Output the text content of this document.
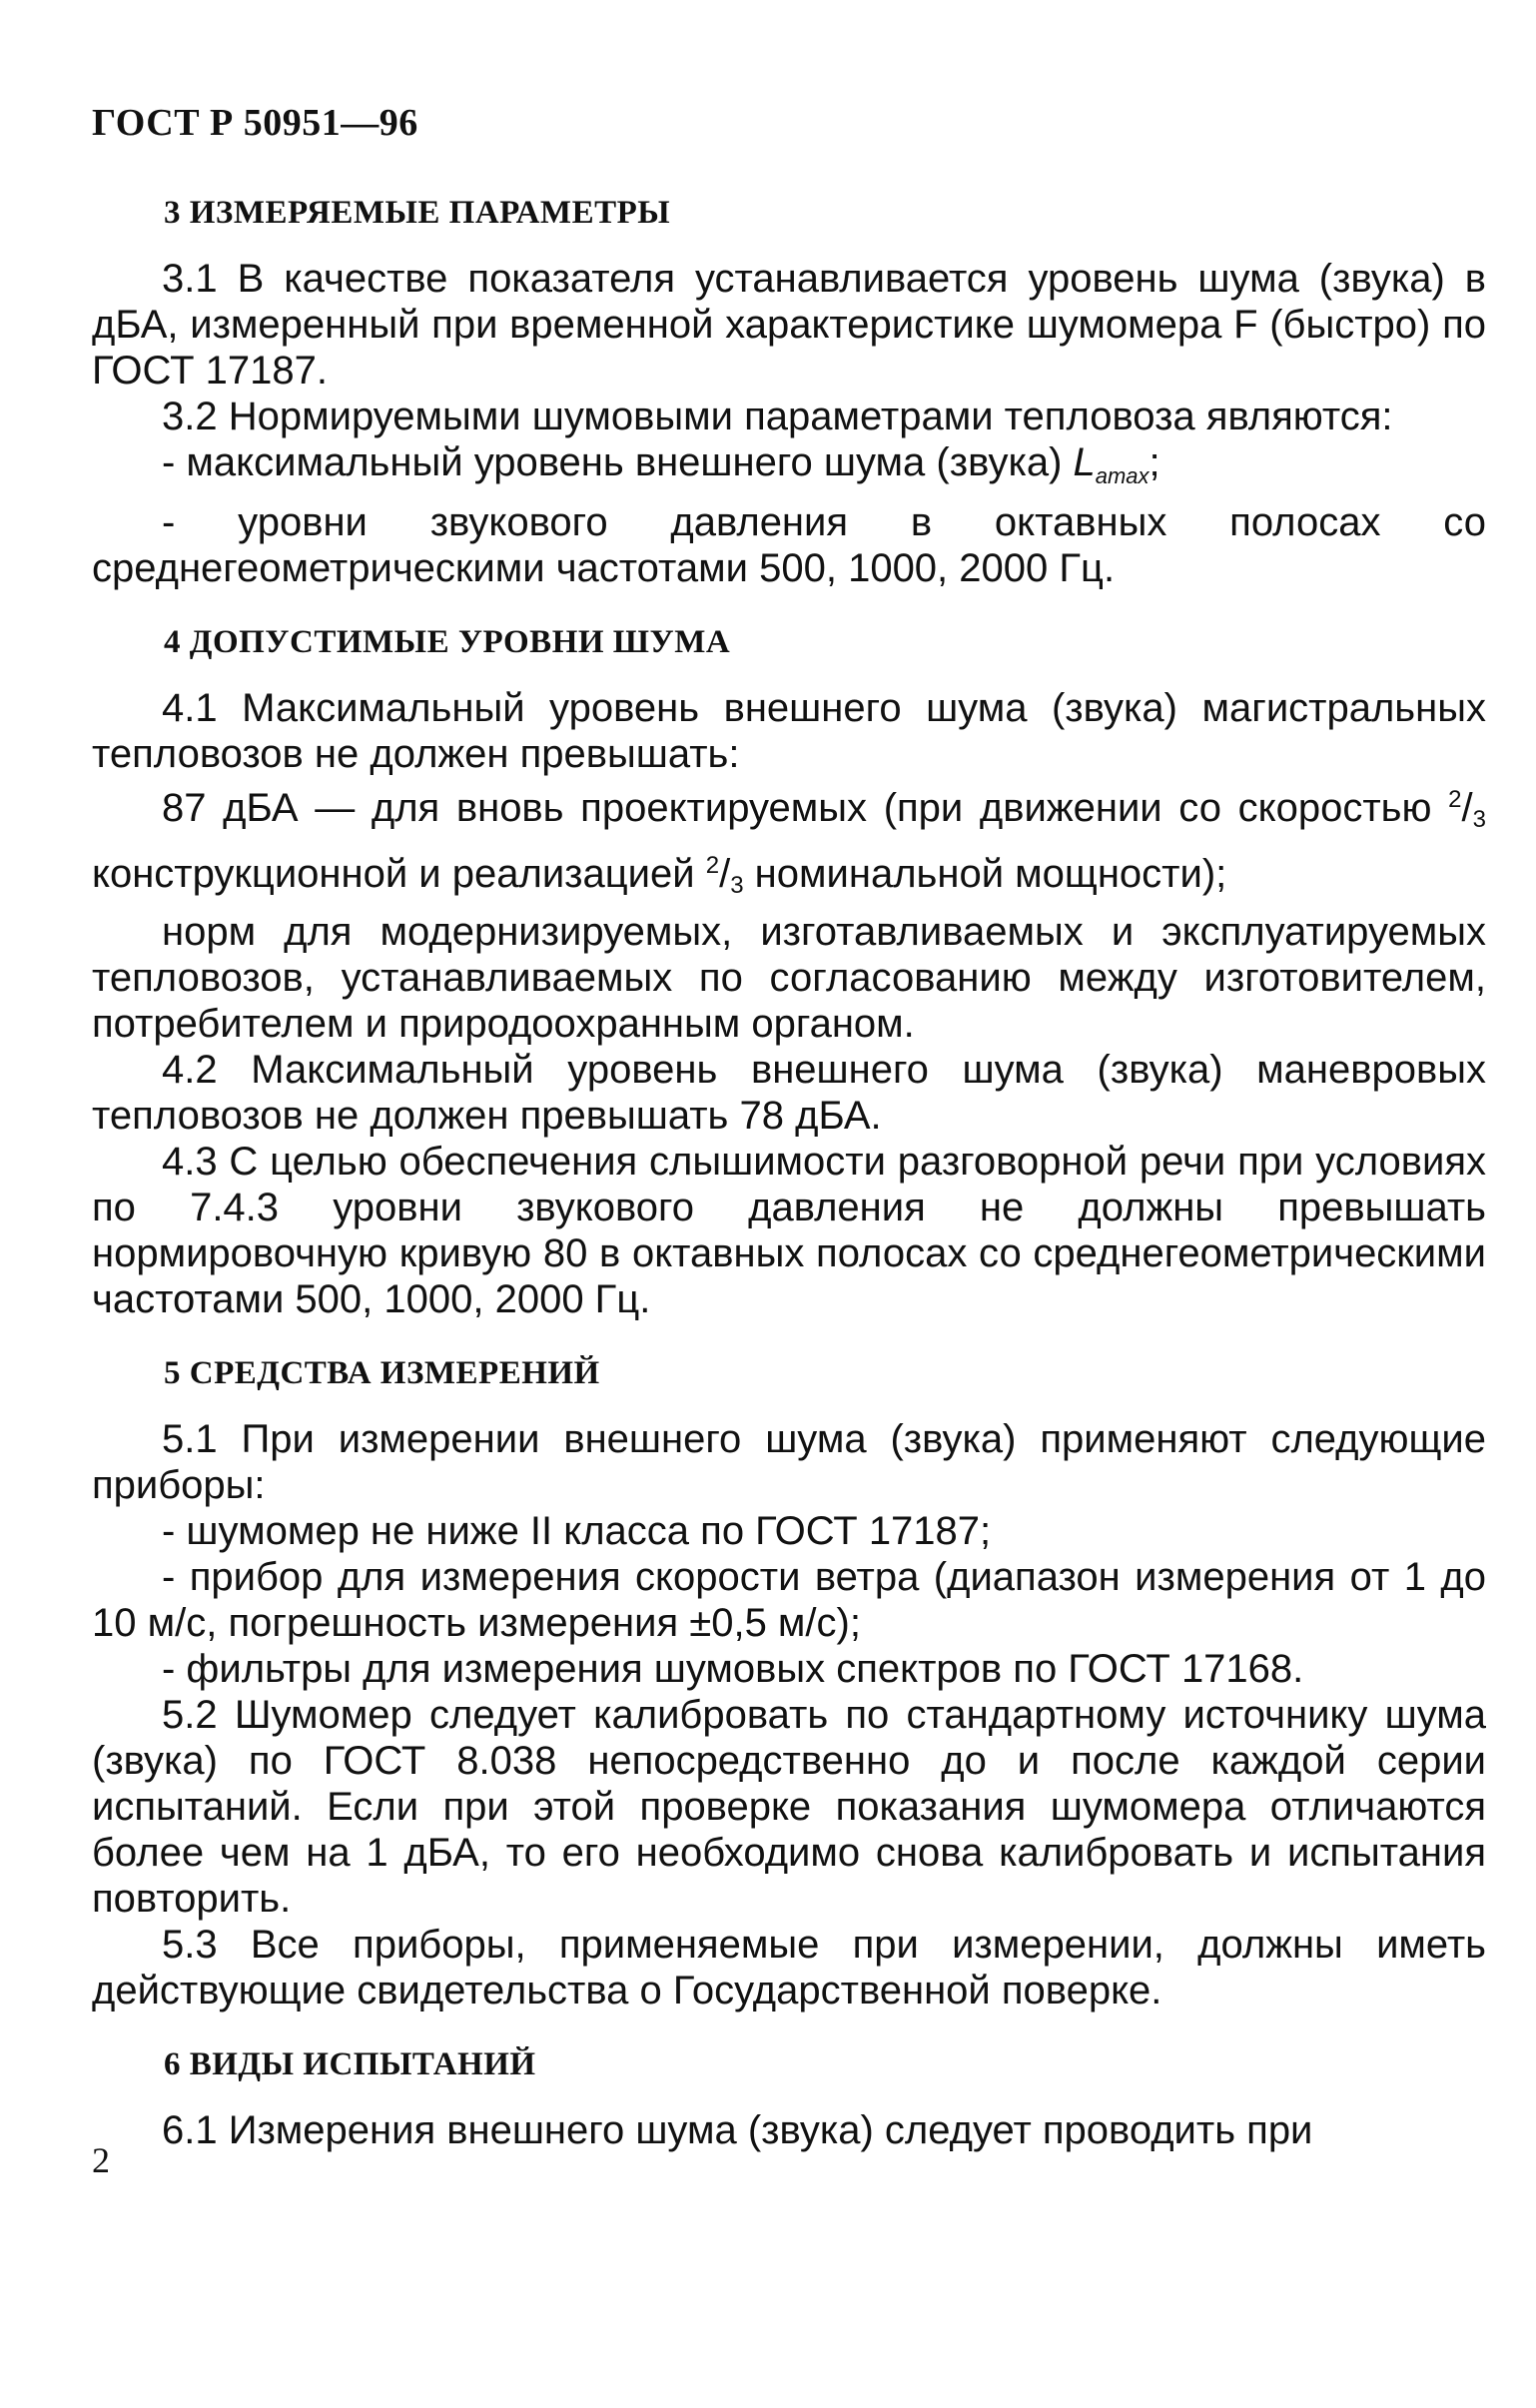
ГОСТ Р 50951—96
3 ИЗМЕРЯЕМЫЕ ПАРАМЕТРЫ

3.1 В качестве показателя устанавливается уровень шума (звука) в дБА, измеренный при временной характеристике шумомера F (быстро) по ГОСТ 17187.

3.2 Нормируемыми шумовыми параметрами тепловоза являются:

- максимальный уровень внешнего шума (звука) $L_{amax}$;

- уровни звукового давления в октавных полосах со среднегеометрическими частотами 500, 1000, 2000 Гц.

4 ДОПУСТИМЫЕ УРОВНИ ШУМА

4.1 Максимальный уровень внешнего шума (звука) магистральных тепловозов не должен превышать:

87 дБА — для вновь проектируемых (при движении со скоростью $^2$/3 конструкционной и реализацией $^2$/3 номинальной мощности);

норм для модернизируемых, изготавливаемых и эксплуатируемых тепловозов, устанавливаемых по согласованию между изготовителем, потребителем и природоохранным органом.

4.2 Максимальный уровень внешнего шума (звука) маневровых тепловозов не должен превышать 78 дБА.

4.3 С целью обеспечения слышимости разговорной речи при условиях по 7.4.3 уровни звукового давления не должны превышать нормировочную кривую 80 в октавных полосах со среднегеометрическими частотами 500, 1000, 2000 Гц.

5 СРЕДСТВА ИЗМЕРЕНИЙ

5.1 При измерении внешнего шума (звука) применяют следующие приборы:

- шумомер не ниже II класса по ГОСТ 17187;

- прибор для измерения скорости ветра (диапазон измерения от 1 до 10 м/с, погрешность измерения ±0,5 м/с);

- фильтры для измерения шумовых спектров по ГОСТ 17168.

5.2 Шумомер следует калибровать по стандартному источнику шума (звука) по ГОСТ 8.038 непосредственно до и после каждой серии испытаний. Если при этой проверке показания шумомера отличаются более чем на 1 дБА, то его необходимо снова калибровать и испытания повторить.

5.3 Все приборы, применяемые при измерении, должны иметь действующие свидетельства о Государственной поверке.

6 ВИДЫ ИСПЫТАНИЙ

6.1 Измерения внешнего шума (звука) следует проводить при

2
